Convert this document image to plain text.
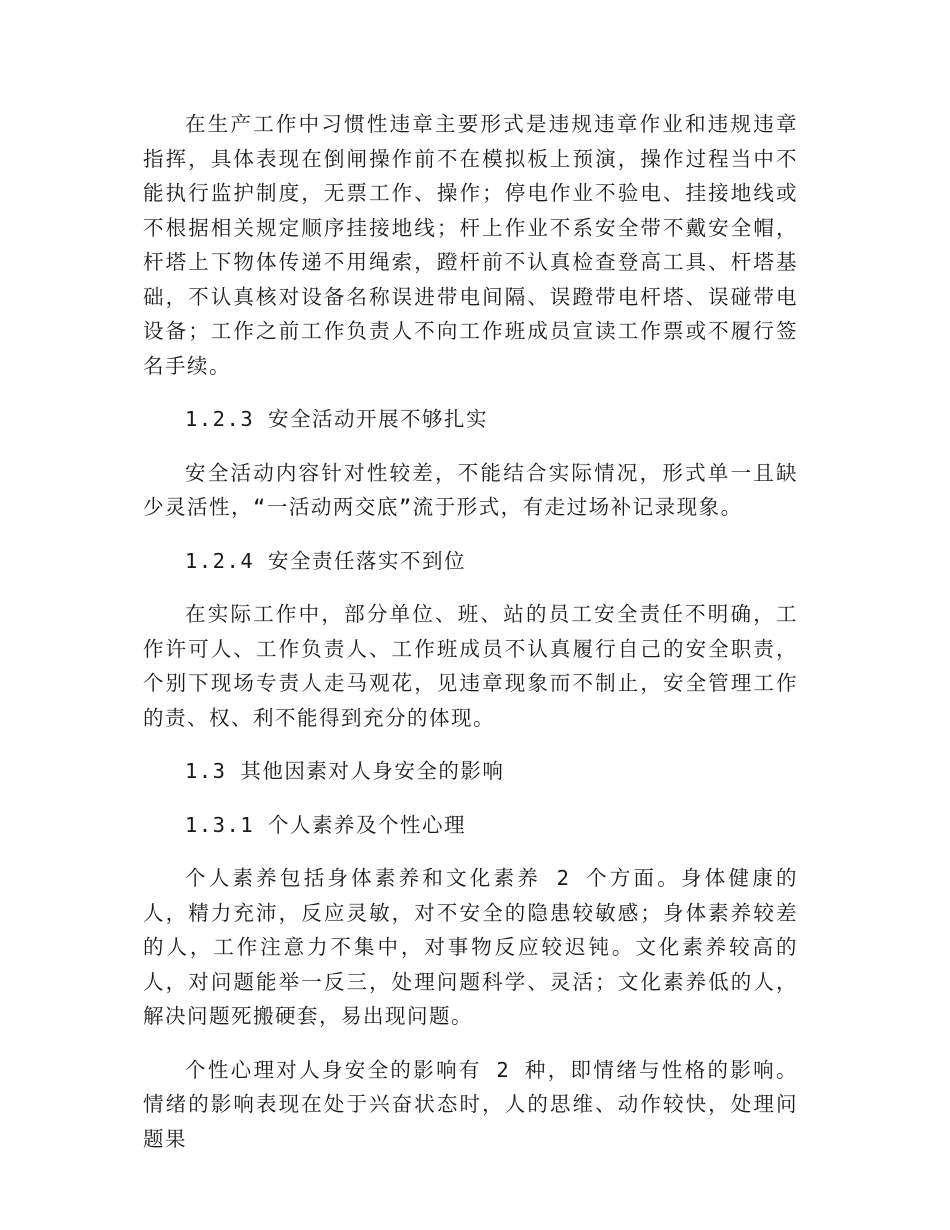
在生产工作中习惯性违章主要形式是违规违章作业和违规违章指挥，具体表现在倒闸操作前不在模拟板上预演，操作过程当中不能执行监护制度，无票工作、操作；停电作业不验电、挂接地线或不根据相关规定顺序挂接地线；杆上作业不系安全带不戴安全帽，杆塔上下物体传递不用绳索，蹬杆前不认真检查登高工具、杆塔基础，不认真核对设备名称误进带电间隔、误蹬带电杆塔、误碰带电设备；工作之前工作负责人不向工作班成员宣读工作票或不履行签名手续。

1.2.3 安全活动开展不够扎实

安全活动内容针对性较差，不能结合实际情况，形式单一且缺少灵活性，“一活动两交底”流于形式，有走过场补记录现象。

1.2.4 安全责任落实不到位

在实际工作中，部分单位、班、站的员工安全责任不明确，工作许可人、工作负责人、工作班成员不认真履行自己的安全职责，个别下现场专责人走马观花，见违章现象而不制止，安全管理工作的责、权、利不能得到充分的体现。

1.3 其他因素对人身安全的影响

1.3.1 个人素养及个性心理

个人素养包括身体素养和文化素养 2 个方面。身体健康的人，精力充沛，反应灵敏，对不安全的隐患较敏感；身体素养较差的人，工作注意力不集中，对事物反应较迟钝。文化素养较高的人，对问题能举一反三，处理问题科学、灵活；文化素养低的人，解决问题死搬硬套，易出现问题。

个性心理对人身安全的影响有 2 种，即情绪与性格的影响。情绪的影响表现在处于兴奋状态时，人的思维、动作较快，处理问题果
